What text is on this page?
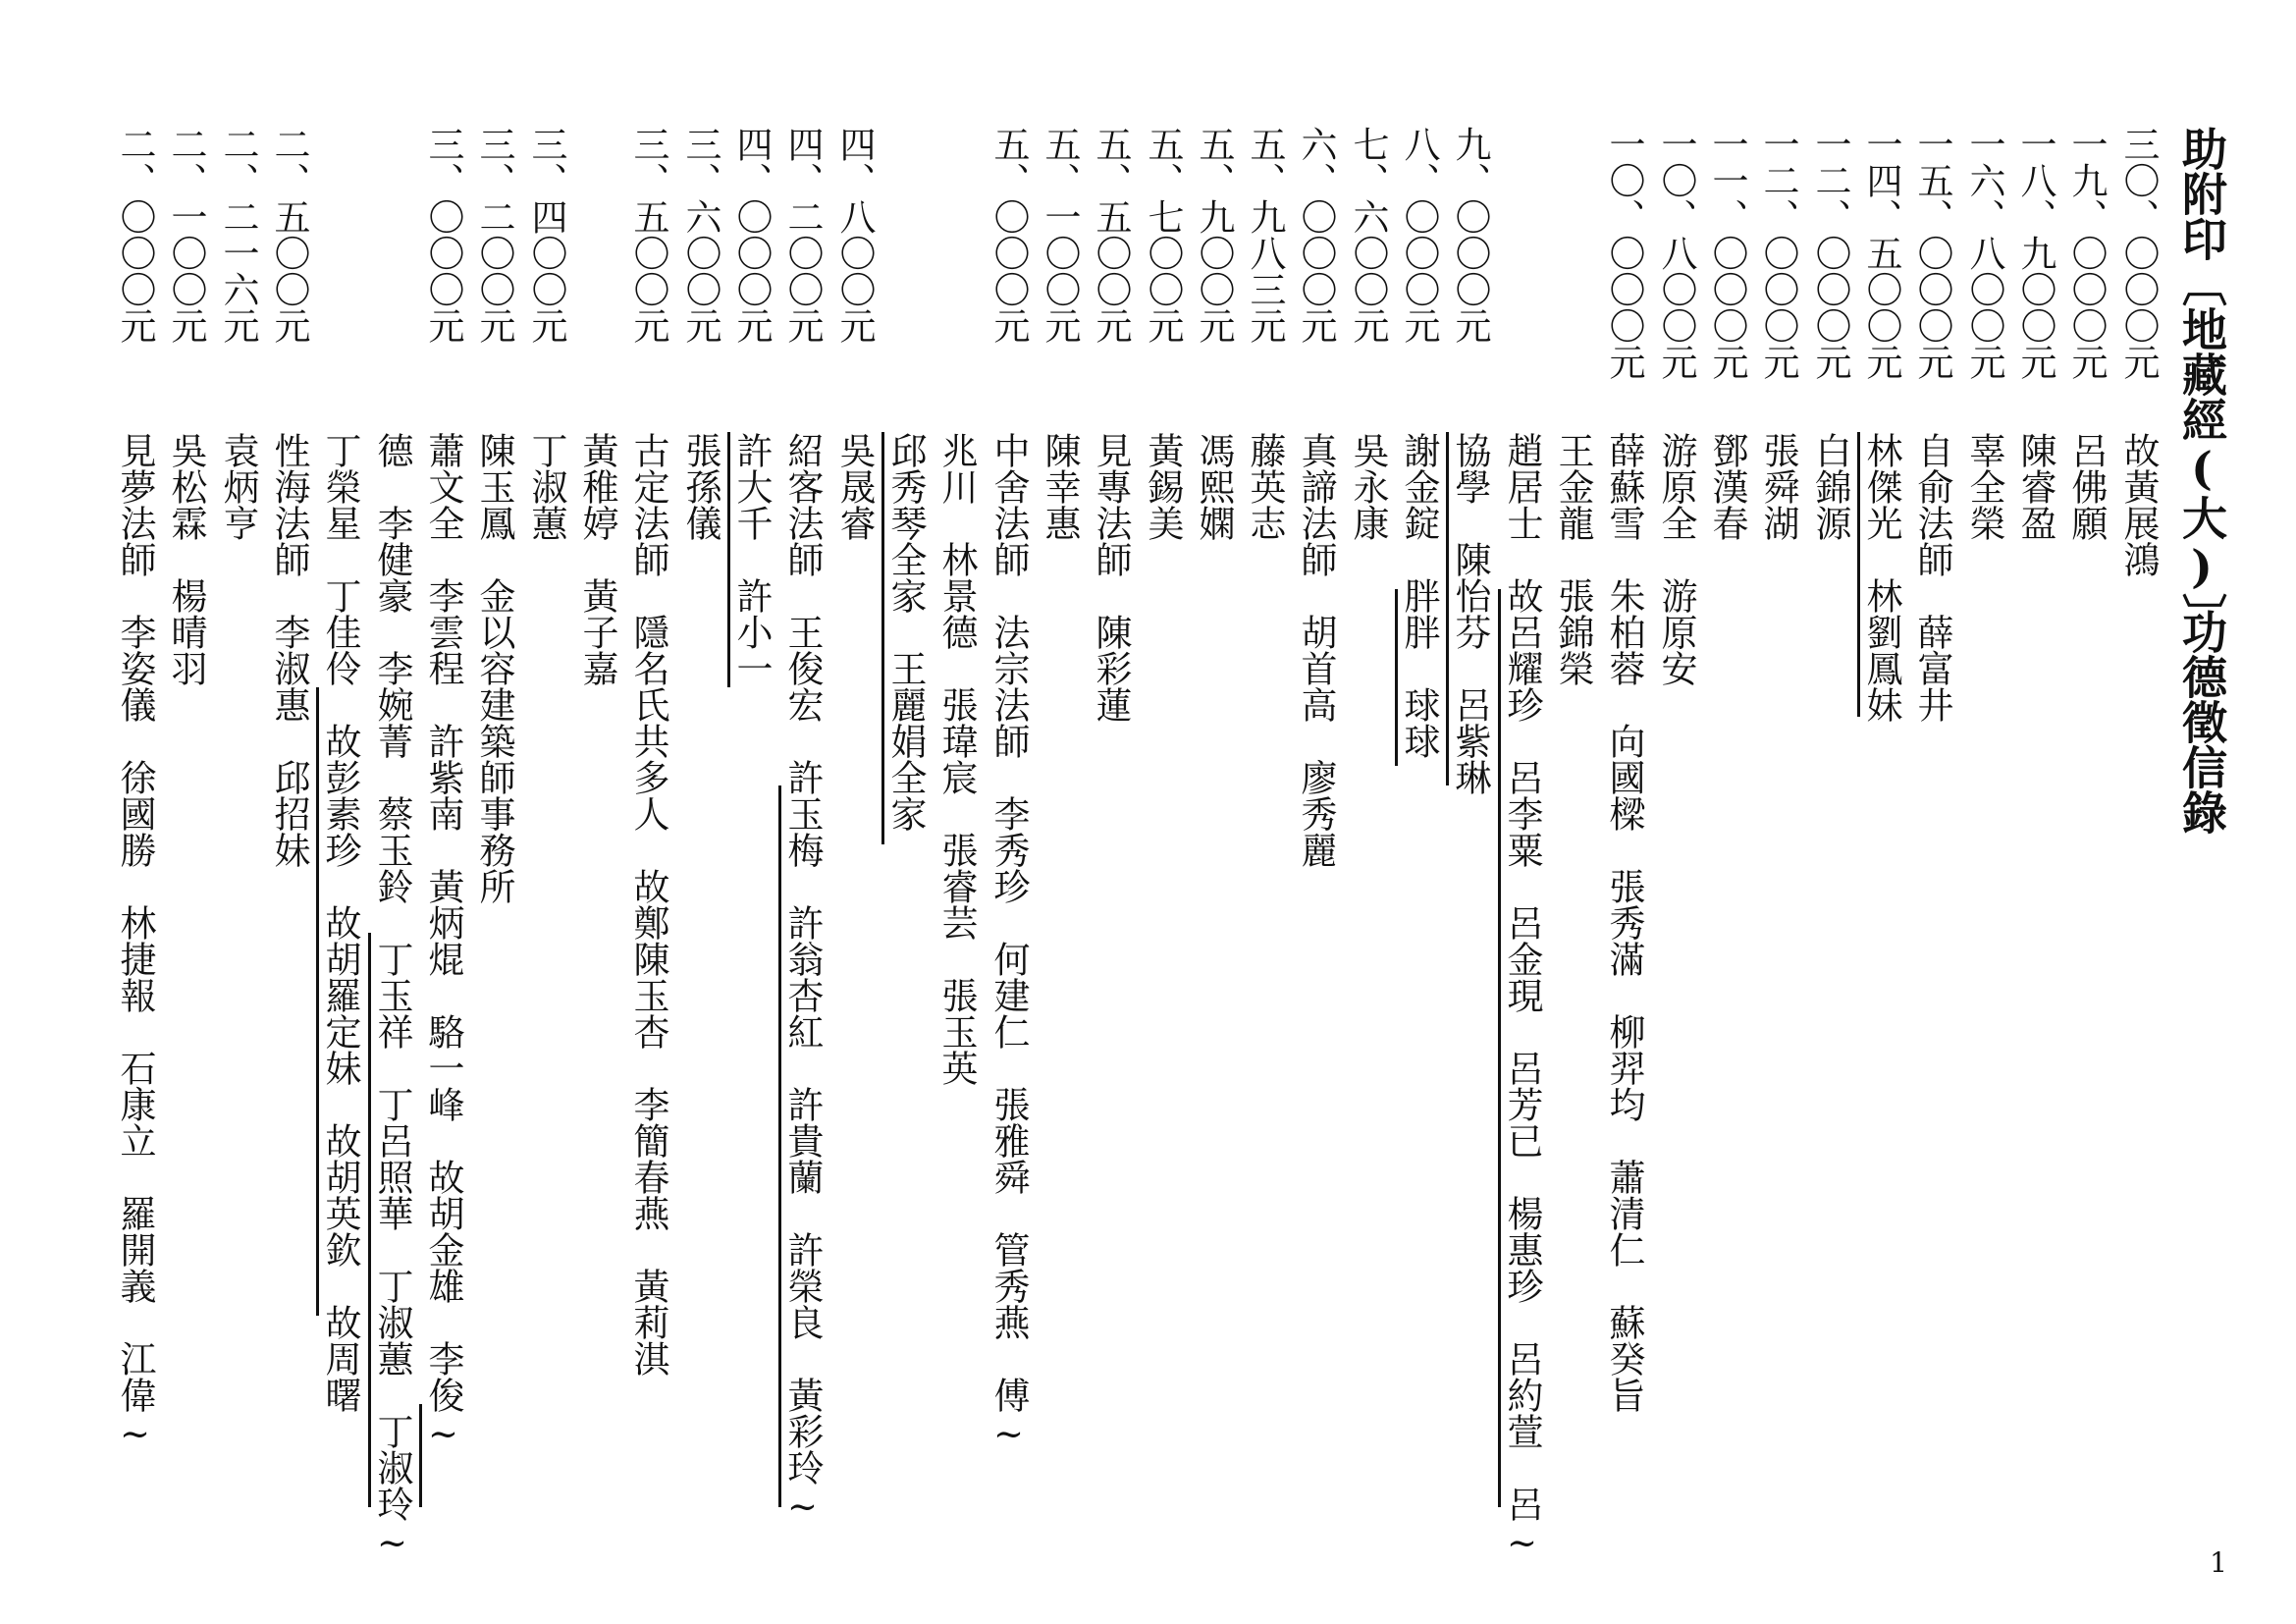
助附印〔地藏經(大)〕
功德徵信錄
三〇、〇〇〇元
故黃展鴻
一九、〇〇〇元
呂佛願
一八、九〇〇元
陳睿盈
一六、八〇〇元
辜全榮
一五、〇〇〇元
自俞法師　薛富井
一四、五〇〇元
林傑光　林劉鳳妹
一二、〇〇〇元
白錦源
一二、〇〇〇元
張舜湖
一一、〇〇〇元
鄧漢春
一〇、八〇〇元
游原全　游原安
一〇、〇〇〇元
薛蘇雪　朱柏蓉　向國樑　張秀滿　柳羿均　蕭清仁　蘇癸旨
王金龍　張錦榮
趙居士　故呂耀珍　呂李粟　呂金現　呂芳已　楊惠珍　呂約萱　呂~
九、〇〇〇元
協學　陳怡芬　呂紫琳
八、〇〇〇元
謝金錠　胖胖　球球
七、六〇〇元
吳永康
六、〇〇〇元
真諦法師　胡首高　廖秀麗
五、九八三元
藤英志
五、九〇〇元
馮熙嫻
五、七〇〇元
黃錫美
五、五〇〇元
見專法師　陳彩蓮
五、一〇〇元
陳幸惠
五、〇〇〇元
中舍法師　法宗法師　李秀珍　何建仁　張雅舜　管秀燕　傅~
兆川　林景德　張瑋宸　張睿芸　張玉英
邱秀琴全家　王麗娟全家
四、八〇〇元
吳晟睿
四、二〇〇元
紹客法師　王俊宏　許玉梅　許翁杏紅　許貴蘭　許榮良　黃彩玲~
四、〇〇〇元
許大千　許小一
三、六〇〇元
張孫儀
三、五〇〇元
古定法師　隱名氏共多人　故鄭陳玉杏　李簡春燕　黃莉淇
黃稚婷　黃子嘉
三、四〇〇元
丁淑蕙
三、二〇〇元
陳玉鳳　金以容建築師事務所
三、〇〇〇元
蕭文全　李雲程　許紫南　黃炳焜　駱一峰　故胡金雄　李俊~
德　李健豪　李婉菁　蔡玉鈴　丁玉祥　丁呂照華　丁淑蕙　丁淑玲~
丁榮星　丁佳伶　故彭素珍　故胡羅定妹　故胡英欽　故周曙
二、五〇〇元
性海法師　李淑惠　邱招妹
二、二一六元
袁炳亨
二、一〇〇元
吳松霖　楊晴羽
二、〇〇〇元
見夢法師　李姿儀　徐國勝　林捷報　石康立　羅開義　江偉~
1
